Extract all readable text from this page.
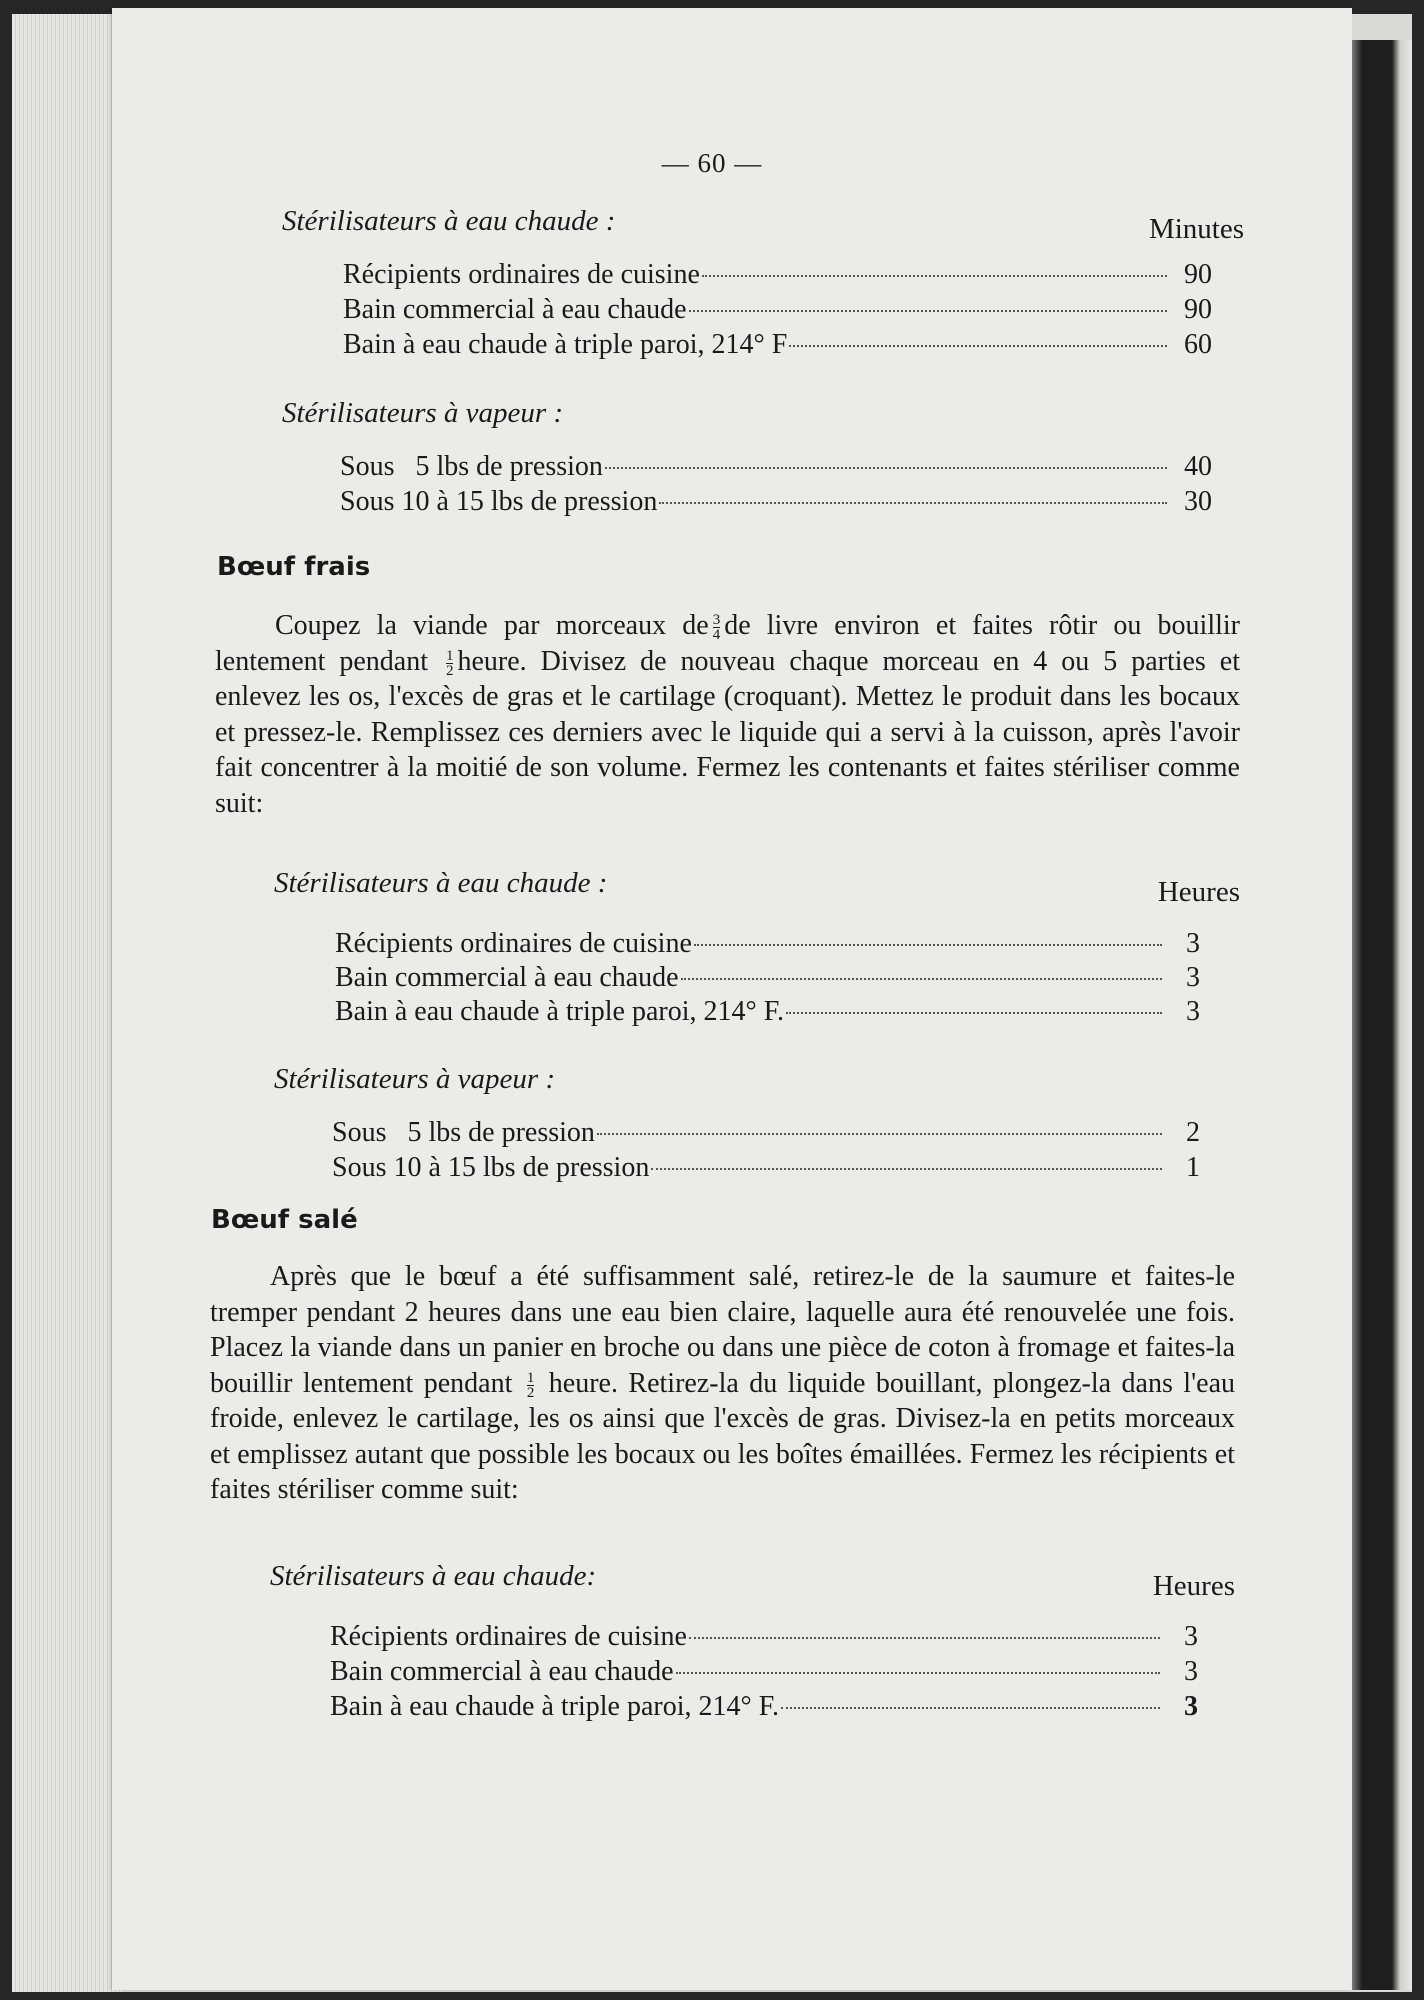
— 60 —
Stérilisateurs à eau chaude :	Minutes
Récipients ordinaires de cuisine	90
Bain commercial à eau chaude	90
Bain à eau chaude à triple paroi, 214° F	60
Stérilisateurs à vapeur :
Sous   5 lbs de pression	40
Sous 10 à 15 lbs de pression	30
Bœuf frais
Coupez la viande par morceaux de $\frac{3}{4}$ de livre environ et faites rôtir ou bouillir lentement pendant $\frac{1}{2}$ heure. Divisez de nouveau chaque morceau en 4 ou 5 parties et enlevez les os, l'excès de gras et le cartilage (croquant). Mettez le produit dans les bocaux et pressez-le. Remplissez ces derniers avec le liquide qui a servi à la cuisson, après l'avoir fait concentrer à la moitié de son volume. Fermez les contenants et faites stériliser comme suit:
Stérilisateurs à eau chaude :	Heures
Récipients ordinaires de cuisine	3
Bain commercial à eau chaude	3
Bain à eau chaude à triple paroi, 214° F.	3
Stérilisateurs à vapeur :
Sous   5 lbs de pression	2
Sous 10 à 15 lbs de pression	1
Bœuf salé
Après que le bœuf a été suffisamment salé, retirez-le de la saumure et faites-le tremper pendant 2 heures dans une eau bien claire, laquelle aura été renouvelée une fois. Placez la viande dans un panier en broche ou dans une pièce de coton à fromage et faites-la bouillir lentement pendant $\frac{1}{2}$ heure. Retirez-la du liquide bouillant, plongez-la dans l'eau froide, enlevez le cartilage, les os ainsi que l'excès de gras. Divisez-la en petits morceaux et emplissez autant que possible les bocaux ou les boîtes émaillées. Fermez les récipients et faites stériliser comme suit:
Stérilisateurs à eau chaude:	Heures
Récipients ordinaires de cuisine	3
Bain commercial à eau chaude	3
Bain à eau chaude à triple paroi, 214° F.	3
